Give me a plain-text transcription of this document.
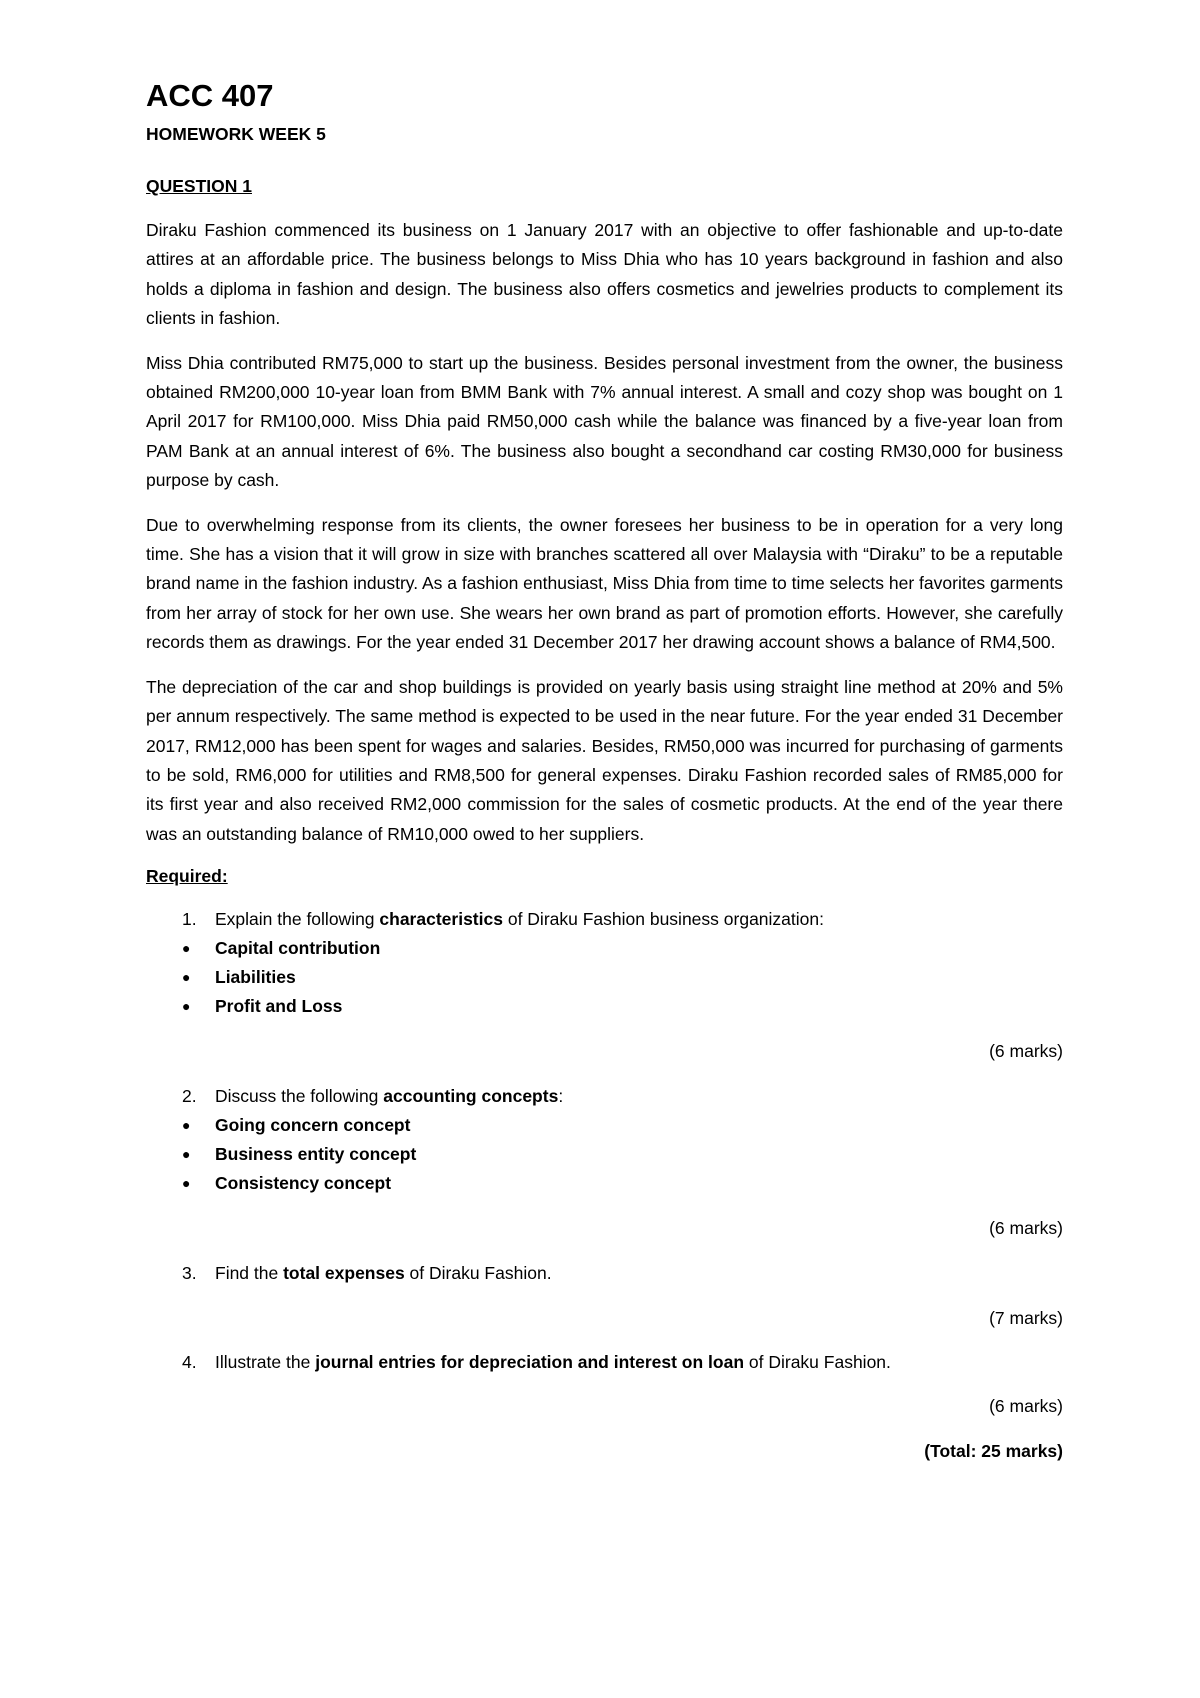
ACC 407
HOMEWORK WEEK 5
QUESTION 1

Diraku Fashion commenced its business on 1 January 2017 with an objective to offer fashionable and up-to-date attires at an affordable price. The business belongs to Miss Dhia who has 10 years background in fashion and also holds a diploma in fashion and design. The business also offers cosmetics and jewelries products to complement its clients in fashion.

Miss Dhia contributed RM75,000 to start up the business. Besides personal investment from the owner, the business obtained RM200,000 10-year loan from BMM Bank with 7% annual interest. A small and cozy shop was bought on 1 April 2017 for RM100,000. Miss Dhia paid RM50,000 cash while the balance was financed by a five-year loan from PAM Bank at an annual interest of 6%. The business also bought a secondhand car costing RM30,000 for business purpose by cash.

Due to overwhelming response from its clients, the owner foresees her business to be in operation for a very long time. She has a vision that it will grow in size with branches scattered all over Malaysia with “Diraku” to be a reputable brand name in the fashion industry. As a fashion enthusiast, Miss Dhia from time to time selects her favorites garments from her array of stock for her own use. She wears her own brand as part of promotion efforts. However, she carefully records them as drawings. For the year ended 31 December 2017 her drawing account shows a balance of RM4,500.

The depreciation of the car and shop buildings is provided on yearly basis using straight line method at 20% and 5% per annum respectively. The same method is expected to be used in the near future. For the year ended 31 December 2017, RM12,000 has been spent for wages and salaries. Besides, RM50,000 was incurred for purchasing of garments to be sold, RM6,000 for utilities and RM8,500 for general expenses. Diraku Fashion recorded sales of RM85,000 for its first year and also received RM2,000 commission for the sales of cosmetic products. At the end of the year there was an outstanding balance of RM10,000 owed to her suppliers.

Required:

1.	Explain the following characteristics of Diraku Fashion business organization:
●	Capital contribution
●	Liabilities
●	Profit and Loss

(6 marks)

2.	Discuss the following accounting concepts:
●	Going concern concept
●	Business entity concept
●	Consistency concept

(6 marks)

3.	Find the total expenses of Diraku Fashion.

(7 marks)

4.	Illustrate the journal entries for depreciation and interest on loan of Diraku Fashion.

(6 marks)

(Total: 25 marks)
